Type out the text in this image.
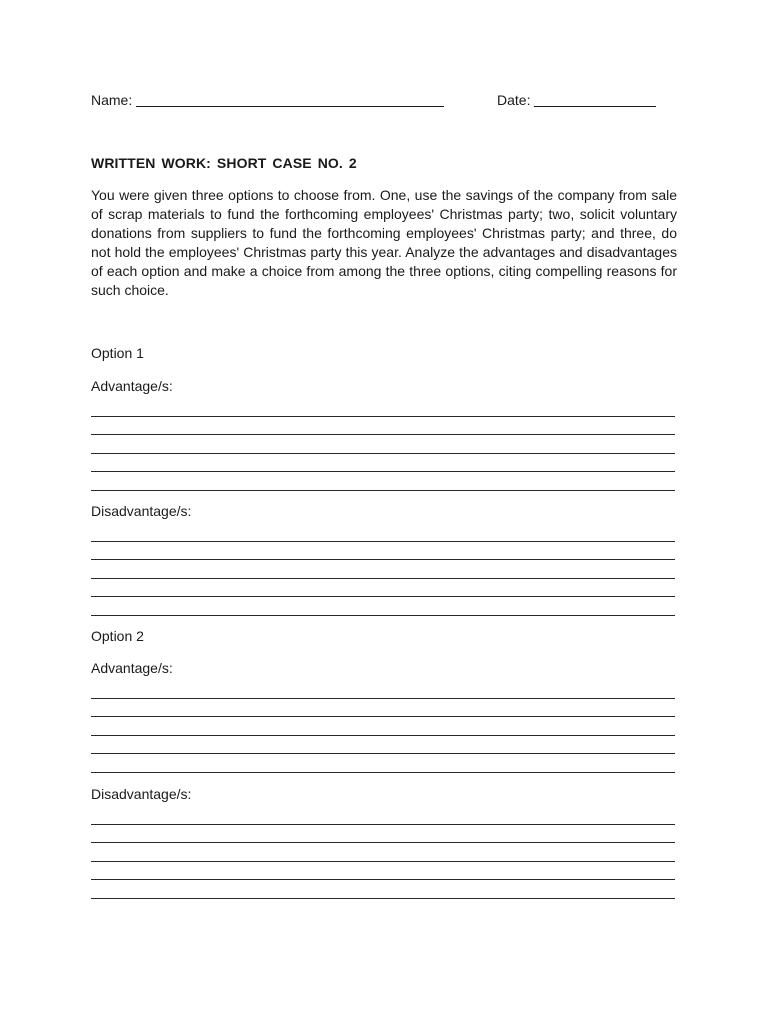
Name:	Date:
WRITTEN WORK: SHORT CASE NO. 2

You were given three options to choose from. One, use the savings of the company from sale of scrap materials to fund the forthcoming employees' Christmas party; two, solicit voluntary donations from suppliers to fund the forthcoming employees' Christmas party; and three, do not hold the employees' Christmas party this year. Analyze the advantages and disadvantages of each option and make a choice from among the three options, citing compelling reasons for such choice.

Option 1

Advantage/s:

Disadvantage/s:

Option 2

Advantage/s:

Disadvantage/s:
